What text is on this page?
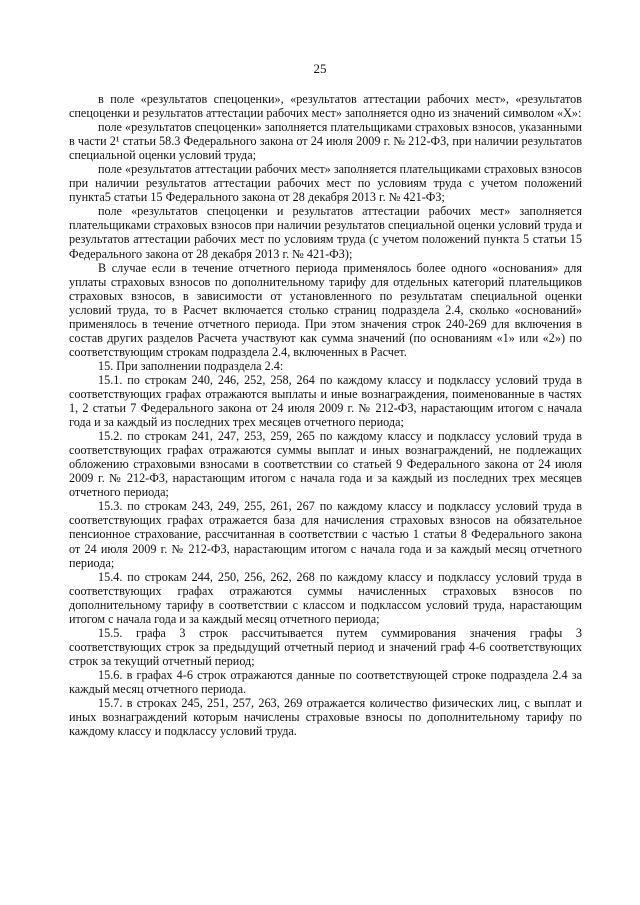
25

в поле «результатов спецоценки», «результатов аттестации рабочих мест», «результатов спецоценки и результатов аттестации рабочих мест» заполняется одно из значений символом «Х»:

поле «результатов спецоценки» заполняется плательщиками страховых взносов, указанными в части 2¹ статьи 58.3 Федерального закона от 24 июля 2009 г. № 212-ФЗ, при наличии результатов специальной оценки условий труда;

поле «результатов аттестации рабочих мест» заполняется плательщиками страховых взносов при наличии результатов аттестации рабочих мест по условиям труда с учетом положений пункта5 статьи 15 Федерального закона от 28 декабря 2013 г. № 421-ФЗ;

поле «результатов спецоценки и результатов аттестации рабочих мест» заполняется плательщиками страховых взносов при наличии результатов специальной оценки условий труда и результатов аттестации рабочих мест по условиям труда (с учетом положений пункта 5 статьи 15 Федерального закона от 28 декабря 2013 г. № 421-ФЗ);

В случае если в течение отчетного периода применялось более одного «основания» для уплаты страховых взносов по дополнительному тарифу для отдельных категорий плательщиков страховых взносов, в зависимости от установленного по результатам специальной оценки условий труда, то в Расчет включается столько страниц подраздела 2.4, сколько «оснований» применялось в течение отчетного периода. При этом значения строк 240-269 для включения в состав других разделов Расчета участвуют как сумма значений (по основаниям «1» или «2») по соответствующим строкам подраздела 2.4, включенных в Расчет.

15. При заполнении подраздела 2.4:

15.1. по строкам 240, 246, 252, 258, 264 по каждому классу и подклассу условий труда в соответствующих графах отражаются выплаты и иные вознаграждения, поименованные в частях 1, 2 статьи 7 Федерального закона от 24 июля 2009 г. № 212-ФЗ, нарастающим итогом с начала года и за каждый из последних трех месяцев отчетного периода;

15.2. по строкам 241, 247, 253, 259, 265 по каждому классу и подклассу условий труда в соответствующих графах отражаются суммы выплат и иных вознаграждений, не подлежащих обложению страховыми взносами в соответствии со статьей 9 Федерального закона от 24 июля 2009 г. № 212-ФЗ, нарастающим итогом с начала года и за каждый из последних трех месяцев отчетного периода;

15.3. по строкам 243, 249, 255, 261, 267 по каждому классу и подклассу условий труда в соответствующих графах отражается база для начисления страховых взносов на обязательное пенсионное страхование, рассчитанная в соответствии с частью 1 статьи 8 Федерального закона от 24 июля 2009 г. № 212-ФЗ, нарастающим итогом с начала года и за каждый месяц отчетного периода;

15.4. по строкам 244, 250, 256, 262, 268 по каждому классу и подклассу условий труда в соответствующих графах отражаются суммы начисленных страховых взносов по дополнительному тарифу в соответствии с классом и подклассом условий труда, нарастающим итогом с начала года и за каждый месяц отчетного периода;

15.5. графа 3 строк рассчитывается путем суммирования значения графы 3 соответствующих строк за предыдущий отчетный период и значений граф 4-6 соответствующих строк за текущий отчетный период;

15.6. в графах 4-6 строк отражаются данные по соответствующей строке подраздела 2.4 за каждый месяц отчетного периода.

15.7. в строках 245, 251, 257, 263, 269 отражается количество физических лиц, с выплат и иных вознаграждений которым начислены страховые взносы по дополнительному тарифу по каждому классу и подклассу условий труда.
